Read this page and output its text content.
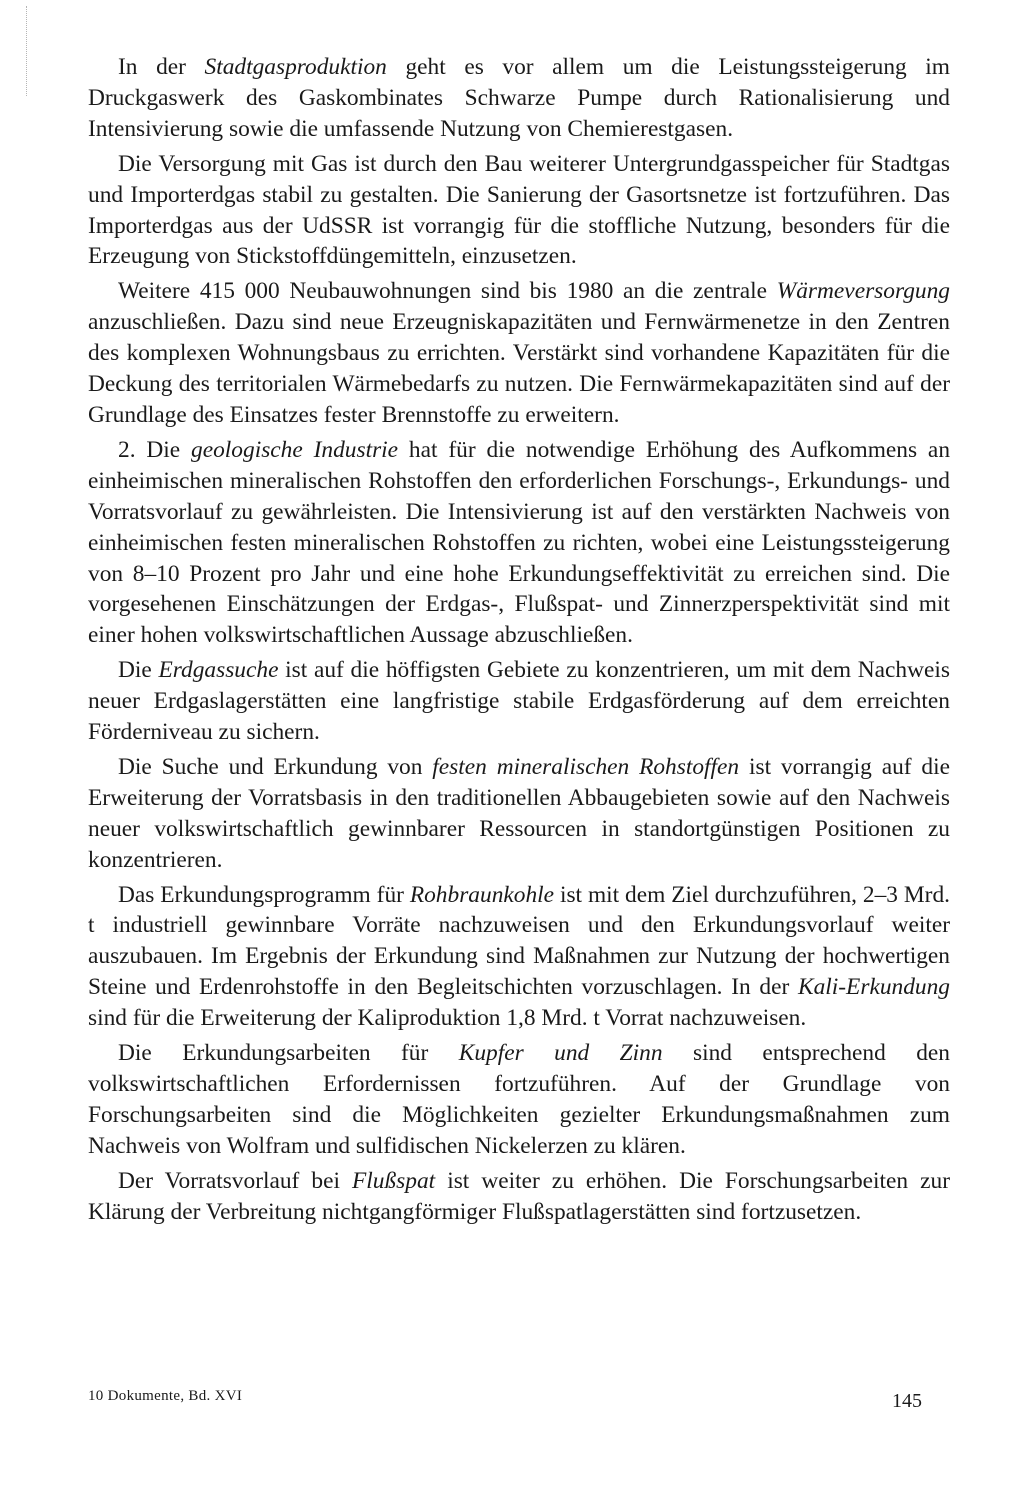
In der Stadtgasproduktion geht es vor allem um die Leistungssteigerung im Druckgaswerk des Gaskombinates Schwarze Pumpe durch Rationalisierung und Intensivierung sowie die umfassende Nutzung von Chemierestgasen.

Die Versorgung mit Gas ist durch den Bau weiterer Untergrundgasspeicher für Stadtgas und Importerdgas stabil zu gestalten. Die Sanierung der Gasortsnetze ist fortzuführen. Das Importerdgas aus der UdSSR ist vorrangig für die stoffliche Nutzung, besonders für die Erzeugung von Stickstoffdüngemitteln, einzusetzen.

Weitere 415 000 Neubauwohnungen sind bis 1980 an die zentrale Wärmeversorgung anzuschließen. Dazu sind neue Erzeugniskapazitäten und Fernwärmenetze in den Zentren des komplexen Wohnungsbaus zu errichten. Verstärkt sind vorhandene Kapazitäten für die Deckung des territorialen Wärmebedarfs zu nutzen. Die Fernwärmekapazitäten sind auf der Grundlage des Einsatzes fester Brennstoffe zu erweitern.

2. Die geologische Industrie hat für die notwendige Erhöhung des Aufkommens an einheimischen mineralischen Rohstoffen den erforderlichen Forschungs-, Erkundungs- und Vorratsvorlauf zu gewährleisten. Die Intensivierung ist auf den verstärkten Nachweis von einheimischen festen mineralischen Rohstoffen zu richten, wobei eine Leistungssteigerung von 8–10 Prozent pro Jahr und eine hohe Erkundungseffektivität zu erreichen sind. Die vorgesehenen Einschätzungen der Erdgas-, Flußspat- und Zinnerzperspektivität sind mit einer hohen volkswirtschaftlichen Aussage abzuschließen.

Die Erdgassuche ist auf die höffigsten Gebiete zu konzentrieren, um mit dem Nachweis neuer Erdgaslagerstätten eine langfristige stabile Erdgasförderung auf dem erreichten Förderniveau zu sichern.

Die Suche und Erkundung von festen mineralischen Rohstoffen ist vorrangig auf die Erweiterung der Vorratsbasis in den traditionellen Abbaugebieten sowie auf den Nachweis neuer volkswirtschaftlich gewinnbarer Ressourcen in standortgünstigen Positionen zu konzentrieren.

Das Erkundungsprogramm für Rohbraunkohle ist mit dem Ziel durchzuführen, 2–3 Mrd. t industriell gewinnbare Vorräte nachzuweisen und den Erkundungsvorlauf weiter auszubauen. Im Ergebnis der Erkundung sind Maßnahmen zur Nutzung der hochwertigen Steine und Erdenrohstoffe in den Begleitschichten vorzuschlagen. In der Kali-Erkundung sind für die Erweiterung der Kaliproduktion 1,8 Mrd. t Vorrat nachzuweisen.

Die Erkundungsarbeiten für Kupfer und Zinn sind entsprechend den volkswirtschaftlichen Erfordernissen fortzuführen. Auf der Grundlage von Forschungsarbeiten sind die Möglichkeiten gezielter Erkundungsmaßnahmen zum Nachweis von Wolfram und sulfidischen Nickelerzen zu klären.

Der Vorratsvorlauf bei Flußspat ist weiter zu erhöhen. Die Forschungsarbeiten zur Klärung der Verbreitung nichtgangförmiger Flußspatlagerstätten sind fortzusetzen.

10 Dokumente, Bd. XVI	145
